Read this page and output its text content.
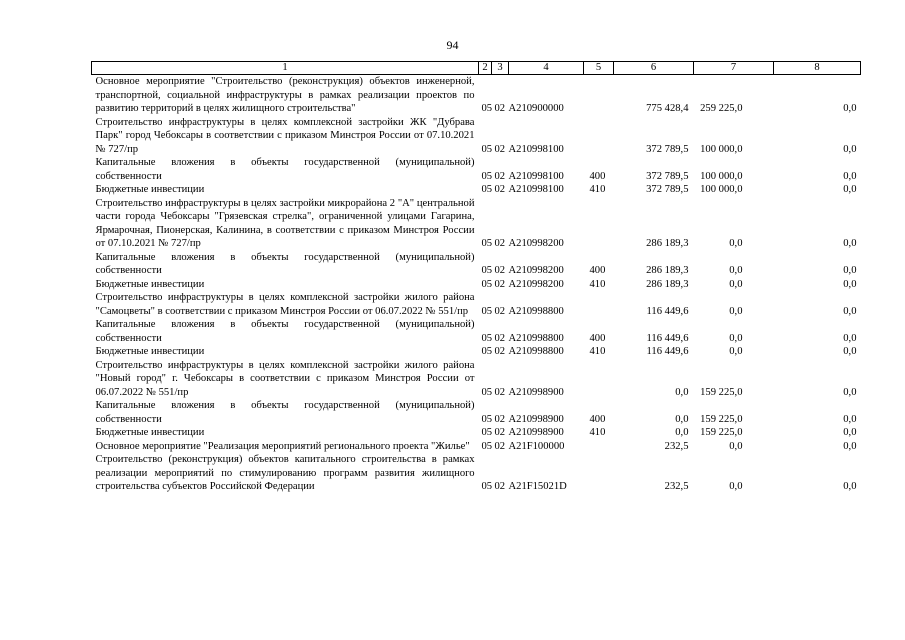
94
1	2	3	4	5	6	7	8
Основное мероприятие "Строительство (реконструкция) объектов инженерной, транспортной, социальной инфраструктуры в рамках реализации проектов по развитию территорий в целях жилищного строительства"	05	02	А210900000		775 428,4	259 225,0	0,0
Строительство инфраструктуры в целях комплексной застройки ЖК "Дубрава Парк" город Чебоксары в соответствии с приказом Минстроя России от 07.10.2021 № 727/пр	05	02	А210998100		372 789,5	100 000,0	0,0
Капитальные вложения в объекты государственной (муниципальной) собственности	05	02	А210998100	400	372 789,5	100 000,0	0,0
Бюджетные инвестиции	05	02	А210998100	410	372 789,5	100 000,0	0,0
Строительство инфраструктуры в целях застройки микрорайона 2 "А" центральной части города Чебоксары "Грязевская стрелка", ограниченной улицами Гагарина, Ярмарочная, Пионерская, Калинина, в соответствии с приказом Минстроя России от 07.10.2021 № 727/пр	05	02	А210998200		286 189,3	0,0	0,0
Капитальные вложения в объекты государственной (муниципальной) собственности	05	02	А210998200	400	286 189,3	0,0	0,0
Бюджетные инвестиции	05	02	А210998200	410	286 189,3	0,0	0,0
Строительство инфраструктуры в целях комплексной застройки жилого района "Самоцветы" в соответствии с приказом Минстроя России от 06.07.2022 № 551/пр	05	02	А210998800		116 449,6	0,0	0,0
Капитальные вложения в объекты государственной (муниципальной) собственности	05	02	А210998800	400	116 449,6	0,0	0,0
Бюджетные инвестиции	05	02	А210998800	410	116 449,6	0,0	0,0
Строительство инфраструктуры в целях комплексной застройки жилого района "Новый город" г. Чебоксары в соответствии с приказом Минстроя России от 06.07.2022 № 551/пр	05	02	А210998900		0,0	159 225,0	0,0
Капитальные вложения в объекты государственной (муниципальной) собственности	05	02	А210998900	400	0,0	159 225,0	0,0
Бюджетные инвестиции	05	02	А210998900	410	0,0	159 225,0	0,0
Основное мероприятие "Реализация мероприятий регионального проекта "Жилье"	05	02	А21F100000		232,5	0,0	0,0
Строительство (реконструкция) объектов капитального строительства в рамках реализации мероприятий по стимулированию программ развития жилищного строительства субъектов Российской Федерации	05	02	А21F15021D		232,5	0,0	0,0
